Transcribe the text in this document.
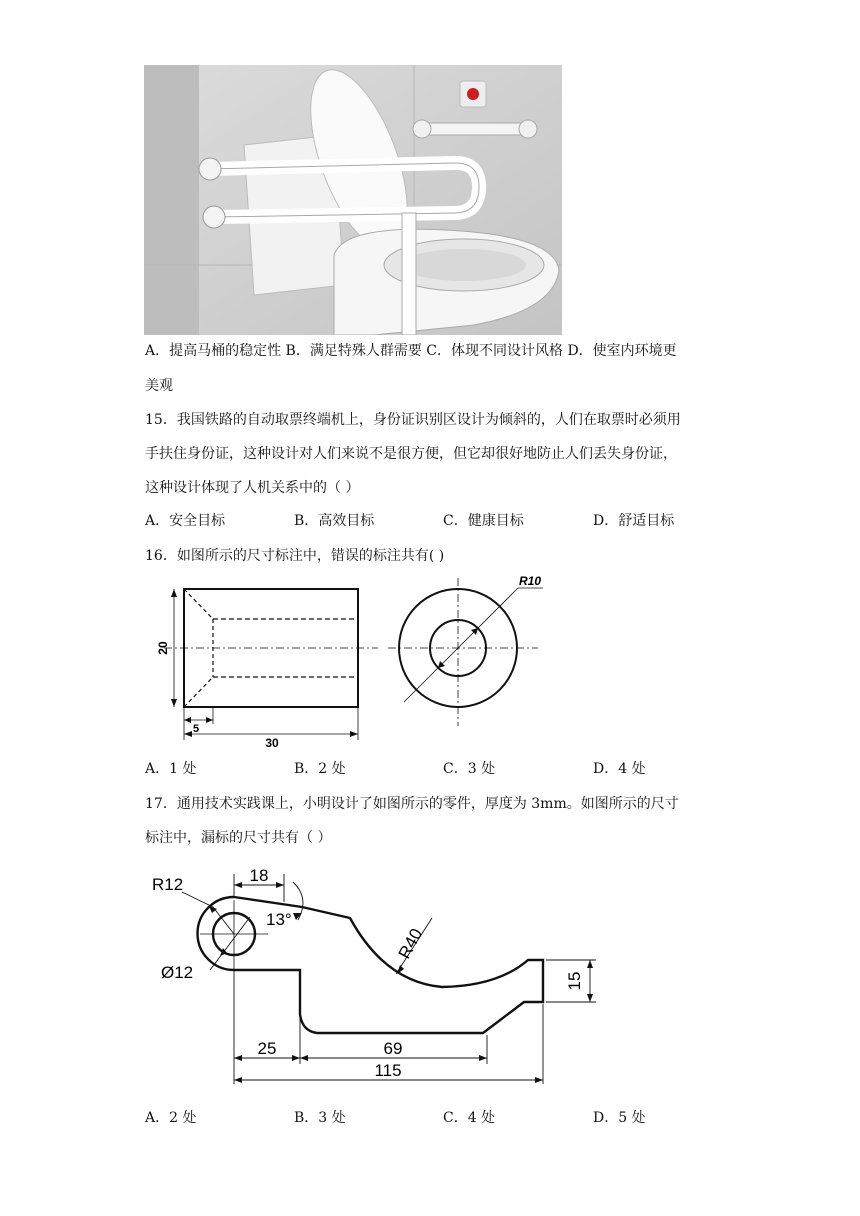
A．提高马桶的稳定性 B．满足特殊人群需要 C．体现不同设计风格 D．使室内环境更
美观
15．我国铁路的自动取票终端机上，身份证识别区设计为倾斜的，人们在取票时必须用
手扶住身份证，这种设计对人们来说不是很方便，但它却很好地防止人们丢失身份证，
这种设计体现了人机关系中的（ ）
A．安全目标	B．高效目标	C．健康目标	D．舒适目标
16．如图所示的尺寸标注中，错误的标注共有( )
20
5
30
R10
A．1 处	B．2 处	C．3 处	D．4 处
17．通用技术实践课上，小明设计了如图所示的零件，厚度为 3mm。如图所示的尺寸
标注中，漏标的尺寸共有（ ）
18
13°
R12
Ø12
R40
15
25	69
115
A．2 处	B．3 处	C．4 处	D．5 处
